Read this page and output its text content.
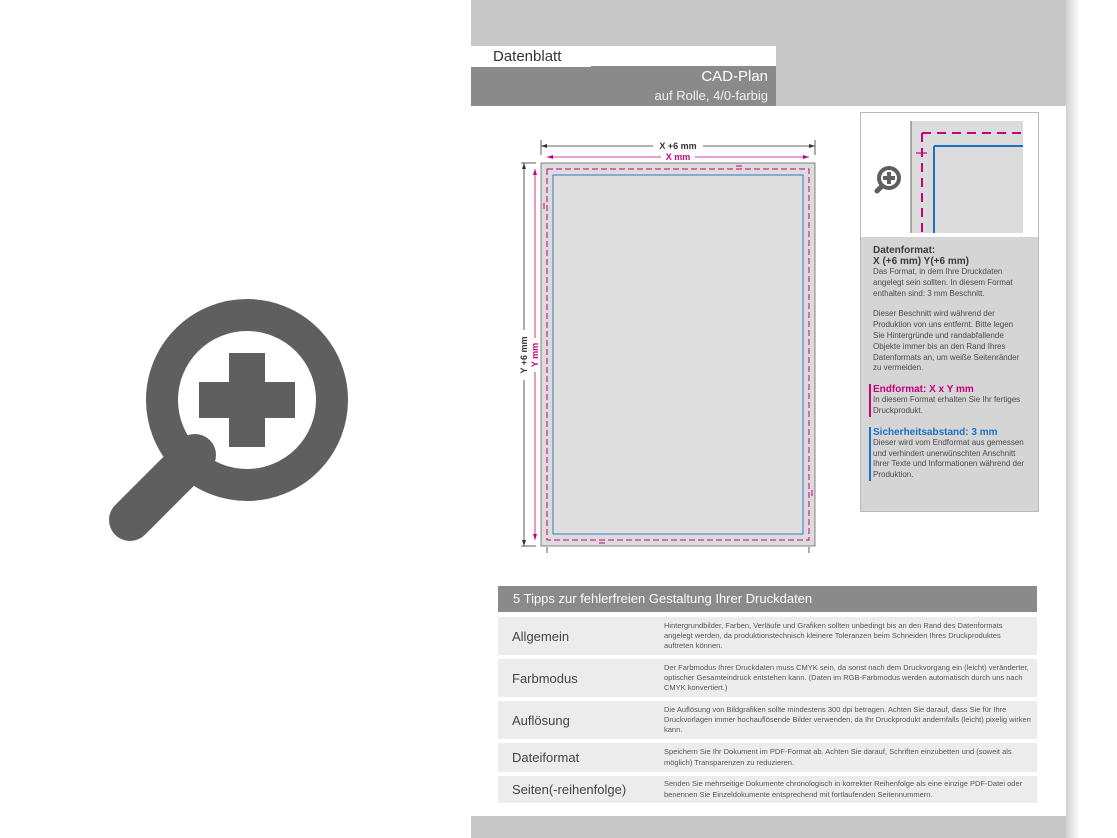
Datenblatt
CAD-Plan
auf Rolle, 4/0-farbig
X +6 mm
X mm
Y +6 mm Y mm

Datenformat:

X (+6 mm) Y(+6 mm)

Das Format, in dem Ihre Druckdaten angelegt sein sollten. In diesem Format enthalten sind: 3 mm Beschnitt.

Dieser Beschnitt wird während der Produktion von uns entfernt. Bitte legen Sie Hintergründe und randabfallende Objekte immer bis an den Rand Ihres Datenformats an, um weiße Seitenränder zu vermeiden.

Endformat: X x Y mm

In diesem Format erhalten Sie Ihr fertiges Druckprodukt.

Sicherheitsabstand: 3 mm

Dieser wird vom Endformat aus gemessen und verhindert unerwünschten Anschnitt Ihrer Texte und Informationen während der Produktion.

5 Tipps zur fehlerfreien Gestaltung Ihrer Druckdaten
Allgemein
Hintergrundbilder, Farben, Verläufe und Grafiken sollten unbedingt bis an den Rand des Datenformats angelegt werden, da produktionstechnisch kleinere Toleranzen beim Schneiden Ihres Druckproduktes auftreten können.
Farbmodus
Der Farbmodus Ihrer Druckdaten muss CMYK sein, da sonst nach dem Druckvorgang ein (leicht) veränderter, optischer Gesamteindruck entstehen kann. (Daten im RGB-Farbmodus werden automatisch durch uns nach CMYK konvertiert.)
Auflösung
Die Auflösung von Bildgrafiken sollte mindestens 300 dpi betragen. Achten Sie darauf, dass Sie für Ihre Druckvorlagen immer hochauflösende Bilder verwenden, da Ihr Druckprodukt andernfalls (leicht) pixelig wirken kann.
Dateiformat	Speichern Sie Ihr Dokument im PDF-Format ab. Achten Sie darauf, Schriften einzubetten und (soweit als möglich) Transparenzen zu reduzieren.
Seiten(-reihenfolge)	Senden Sie mehrseitige Dokumente chronologisch in korrekter Reihenfolge als eine einzige PDF-Datei oder benennen Sie Einzeldokumente entsprechend mit fortlaufenden Seitennummern.
